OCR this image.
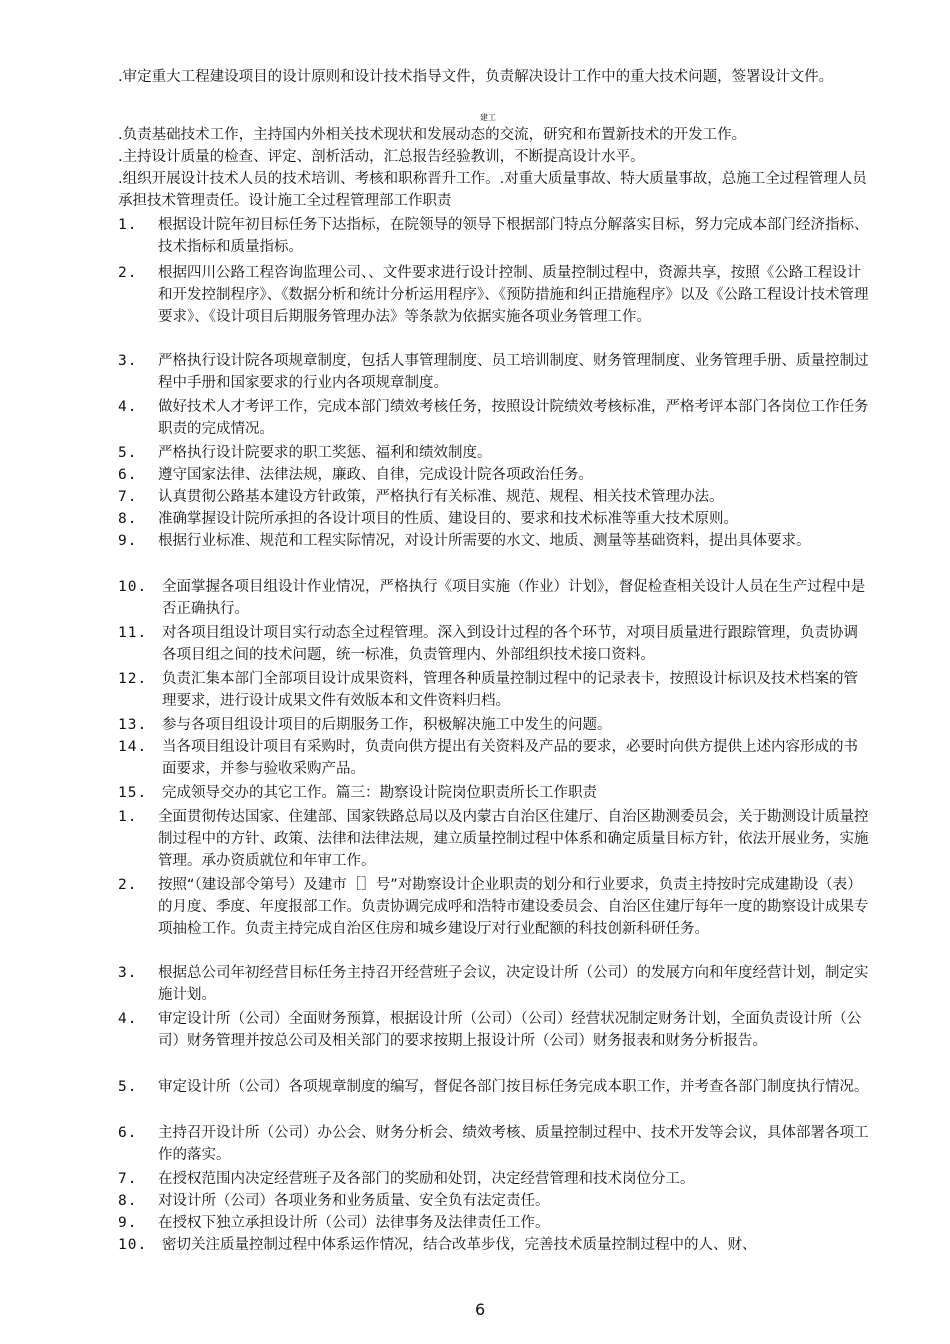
.审定重大工程建设项目的设计原则和设计技术指导文件，负责解决设计工作中的重大技术问题，签署设计文件。
建工
.负责基础技术工作，主持国内外相关技术现状和发展动态的交流，研究和布置新技术的开发工作。
.主持设计质量的检查、评定、剖析活动，汇总报告经验教训，不断提高设计水平。
.组织开展设计技术人员的技术培训、考核和职称晋升工作。.对重大质量事故、特大质量事故，总施工全过程管理人员承担技术管理责任。设计施工全过程管理部工作职责
1. 根据设计院年初目标任务下达指标，在院领导的领导下根据部门特点分解落实目标，努力完成本部门经济指标、技术指标和质量指标。
2. 根据四川公路工程咨询监理公司、、文件要求进行设计控制、质量控制过程中，资源共享，按照《公路工程设计和开发控制程序》、《数据分析和统计分析运用程序》、《预防措施和纠正措施程序》以及《公路工程设计技术管理要求》、《设计项目后期服务管理办法》等条款为依据实施各项业务管理工作。
3. 严格执行设计院各项规章制度，包括人事管理制度、员工培训制度、财务管理制度、业务管理手册、质量控制过程中手册和国家要求的行业内各项规章制度。
4. 做好技术人才考评工作，完成本部门绩效考核任务，按照设计院绩效考核标准，严格考评本部门各岗位工作任务职责的完成情况。
5. 严格执行设计院要求的职工奖惩、福利和绩效制度。
6. 遵守国家法律、法律法规，廉政、自律，完成设计院各项政治任务。
7. 认真贯彻公路基本建设方针政策，严格执行有关标准、规范、规程、相关技术管理办法。
8. 准确掌握设计院所承担的各设计项目的性质、建设目的、要求和技术标准等重大技术原则。
9. 根据行业标准、规范和工程实际情况，对设计所需要的水文、地质、测量等基础资料，提出具体要求。
10. 全面掌握各项目组设计作业情况，严格执行《项目实施（作业）计划》，督促检查相关设计人员在生产过程中是否正确执行。
11. 对各项目组设计项目实行动态全过程管理。深入到设计过程的各个环节，对项目质量进行跟踪管理，负责协调各项目组之间的技术问题，统一标准，负责管理内、外部组织技术接口资料。
12. 负责汇集本部门全部项目设计成果资料，管理各种质量控制过程中的记录表卡，按照设计标识及技术档案的管理要求，进行设计成果文件有效版本和文件资料归档。
13. 参与各项目组设计项目的后期服务工作，积极解决施工中发生的问题。
14. 当各项目组设计项目有采购时，负责向供方提出有关资料及产品的要求，必要时向供方提供上述内容形成的书面要求，并参与验收采购产品。
15. 完成领导交办的其它工作。篇三：勘察设计院岗位职责所长工作职责
1. 全面贯彻传达国家、住建部、国家铁路总局以及内蒙古自治区住建厅、自治区勘测委员会，关于勘测设计质量控制过程中的方针、政策、法律和法律法规，建立质量控制过程中体系和确定质量目标方针，依法开展业务，实施管理。承办资质就位和年审工作。
2. 按照“（建设部令第号）及建市［］号”对勘察设计企业职责的划分和行业要求，负责主持按时完成建勘设（表）的月度、季度、年度报部工作。负责协调完成呼和浩特市建设委员会、自治区住建厅每年一度的勘察设计成果专项抽检工作。负责主持完成自治区住房和城乡建设厅对行业配额的科技创新科研任务。
3. 根据总公司年初经营目标任务主持召开经营班子会议，决定设计所（公司）的发展方向和年度经营计划，制定实施计划。
4. 审定设计所（公司）全面财务预算，根据设计所（公司）（公司）经营状况制定财务计划，全面负责设计所（公司）财务管理并按总公司及相关部门的要求按期上报设计所（公司）财务报表和财务分析报告。
5. 审定设计所（公司）各项规章制度的编写，督促各部门按目标任务完成本职工作，并考查各部门制度执行情况。
6. 主持召开设计所（公司）办公会、财务分析会、绩效考核、质量控制过程中、技术开发等会议，具体部署各项工作的落实。
7. 在授权范围内决定经营班子及各部门的奖励和处罚，决定经营管理和技术岗位分工。
8. 对设计所（公司）各项业务和业务质量、安全负有法定责任。
9. 在授权下独立承担设计所（公司）法律事务及法律责任工作。
10. 密切关注质量控制过程中体系运作情况，结合改革步伐，完善技术质量控制过程中的人、财、
6
